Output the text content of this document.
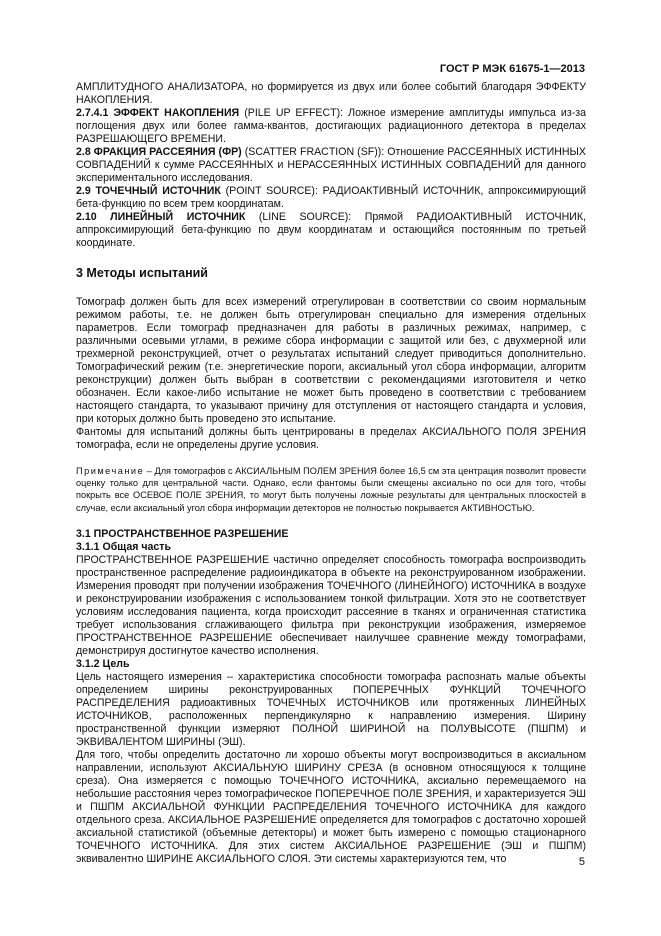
ГОСТ Р МЭК 61675-1—2013

АМПЛИТУДНОГО АНАЛИЗАТОРА, но формируется из двух или более событий благодаря ЭФФЕКТУ НАКОПЛЕНИЯ.

2.7.4.1 ЭФФЕКТ НАКОПЛЕНИЯ (PILE UP EFFECT): Ложное измерение амплитуды импульса из-за поглощения двух или более гамма-квантов, достигающих радиационного детектора в пределах РАЗРЕШАЮЩЕГО ВРЕМЕНИ.

2.8 ФРАКЦИЯ РАССЕЯНИЯ (ФР) (SCATTER FRACTION (SF)): Отношение РАССЕЯННЫХ ИСТИННЫХ СОВПАДЕНИЙ к сумме РАССЕЯННЫХ и НЕРАССЕЯННЫХ ИСТИННЫХ СОВПАДЕНИЙ для данного экспериментального исследования.

2.9 ТОЧЕЧНЫЙ ИСТОЧНИК (POINT SOURCE): РАДИОАКТИВНЫЙ ИСТОЧНИК, аппроксимирующий бета-функцию по всем трем координатам.

2.10 ЛИНЕЙНЫЙ ИСТОЧНИК (LINE SOURCE): Прямой РАДИОАКТИВНЫЙ ИСТОЧНИК, аппроксимирующий бета-функцию по двум координатам и остающийся постоянным по третьей координате.

3 Методы испытаний

Томограф должен быть для всех измерений отрегулирован в соответствии со своим нормальным режимом работы, т.е. не должен быть отрегулирован специально для измерения отдельных параметров. Если томограф предназначен для работы в различных режимах, например, с различными осевыми углами, в режиме сбора информации с защитой или без, с двухмерной или трехмерной реконструкцией, отчет о результатах испытаний следует приводиться дополнительно. Томографический режим (т.е. энергетические пороги, аксиальный угол сбора информации, алгоритм реконструкции) должен быть выбран в соответствии с рекомендациями изготовителя и четко обозначен. Если какое-либо испытание не может быть проведено в соответствии с требованием настоящего стандарта, то указывают причину для отступления от настоящего стандарта и условия, при которых должно быть проведено это испытание.

Фантомы для испытаний должны быть центрированы в пределах АКСИАЛЬНОГО ПОЛЯ ЗРЕНИЯ томографа, если не определены другие условия.

Примечание – Для томографов с АКСИАЛЬНЫМ ПОЛЕМ ЗРЕНИЯ более 16,5 см эта центрация позволит провести оценку только для центральной части. Однако, если фантомы были смещены аксиально по оси для того, чтобы покрыть все ОСЕВОЕ ПОЛЕ ЗРЕНИЯ, то могут быть получены ложные результаты для центральных плоскостей в случае, если аксиальный угол сбора информации детекторов не полностью покрывается АКТИВНОСТЬЮ.

3.1 ПРОСТРАНСТВЕННОЕ РАЗРЕШЕНИЕ
3.1.1 Общая часть

ПРОСТРАНСТВЕННОЕ РАЗРЕШЕНИЕ частично определяет способность томографа воспроизводить пространственное распределение радиоиндикатора в объекте на реконструированном изображении. Измерения проводят при получении изображения ТОЧЕЧНОГО (ЛИНЕЙНОГО) ИСТОЧНИКА в воздухе и реконструировании изображения с использованием тонкой фильтрации. Хотя это не соответствует условиям исследования пациента, когда происходит рассеяние в тканях и ограниченная статистика требует использования сглаживающего фильтра при реконструкции изображения, измеряемое ПРОСТРАНСТВЕННОЕ РАЗРЕШЕНИЕ обеспечивает наилучшее сравнение между томографами, демонстрируя достигнутое качество исполнения.

3.1.2 Цель

Цель настоящего измерения – характеристика способности томографа распознать малые объекты определением ширины реконструированных ПОПЕРЕЧНЫХ ФУНКЦИЙ ТОЧЕЧНОГО РАСПРЕДЕЛЕНИЯ радиоактивных ТОЧЕЧНЫХ ИСТОЧНИКОВ или протяженных ЛИНЕЙНЫХ ИСТОЧНИКОВ, расположенных перпендикулярно к направлению измерения. Ширину пространственной функции измеряют ПОЛНОЙ ШИРИНОЙ на ПОЛУВЫСОТЕ (ПШПМ) и ЭКВИВАЛЕНТОМ ШИРИНЫ (ЭШ).

Для того, чтобы определить достаточно ли хорошо объекты могут воспроизводиться в аксиальном направлении, используют АКСИАЛЬНУЮ ШИРИНУ СРЕЗА (в основном относящуюся к толщине среза). Она измеряется с помощью ТОЧЕЧНОГО ИСТОЧНИКА, аксиально перемещаемого на небольшие расстояния через томографическое ПОПЕРЕЧНОЕ ПОЛЕ ЗРЕНИЯ, и характеризуется ЭШ и ПШПМ АКСИАЛЬНОЙ ФУНКЦИИ РАСПРЕДЕЛЕНИЯ ТОЧЕЧНОГО ИСТОЧНИКА для каждого отдельного среза. АКСИАЛЬНОЕ РАЗРЕШЕНИЕ определяется для томографов с достаточно хорошей аксиальной статистикой (объемные детекторы) и может быть измерено с помощью стационарного ТОЧЕЧНОГО ИСТОЧНИКА. Для этих систем АКСИАЛЬНОЕ РАЗРЕШЕНИЕ (ЭШ и ПШПМ) эквивалентно ШИРИНЕ АКСИАЛЬНОГО СЛОЯ. Эти системы характеризуются тем, что	5
